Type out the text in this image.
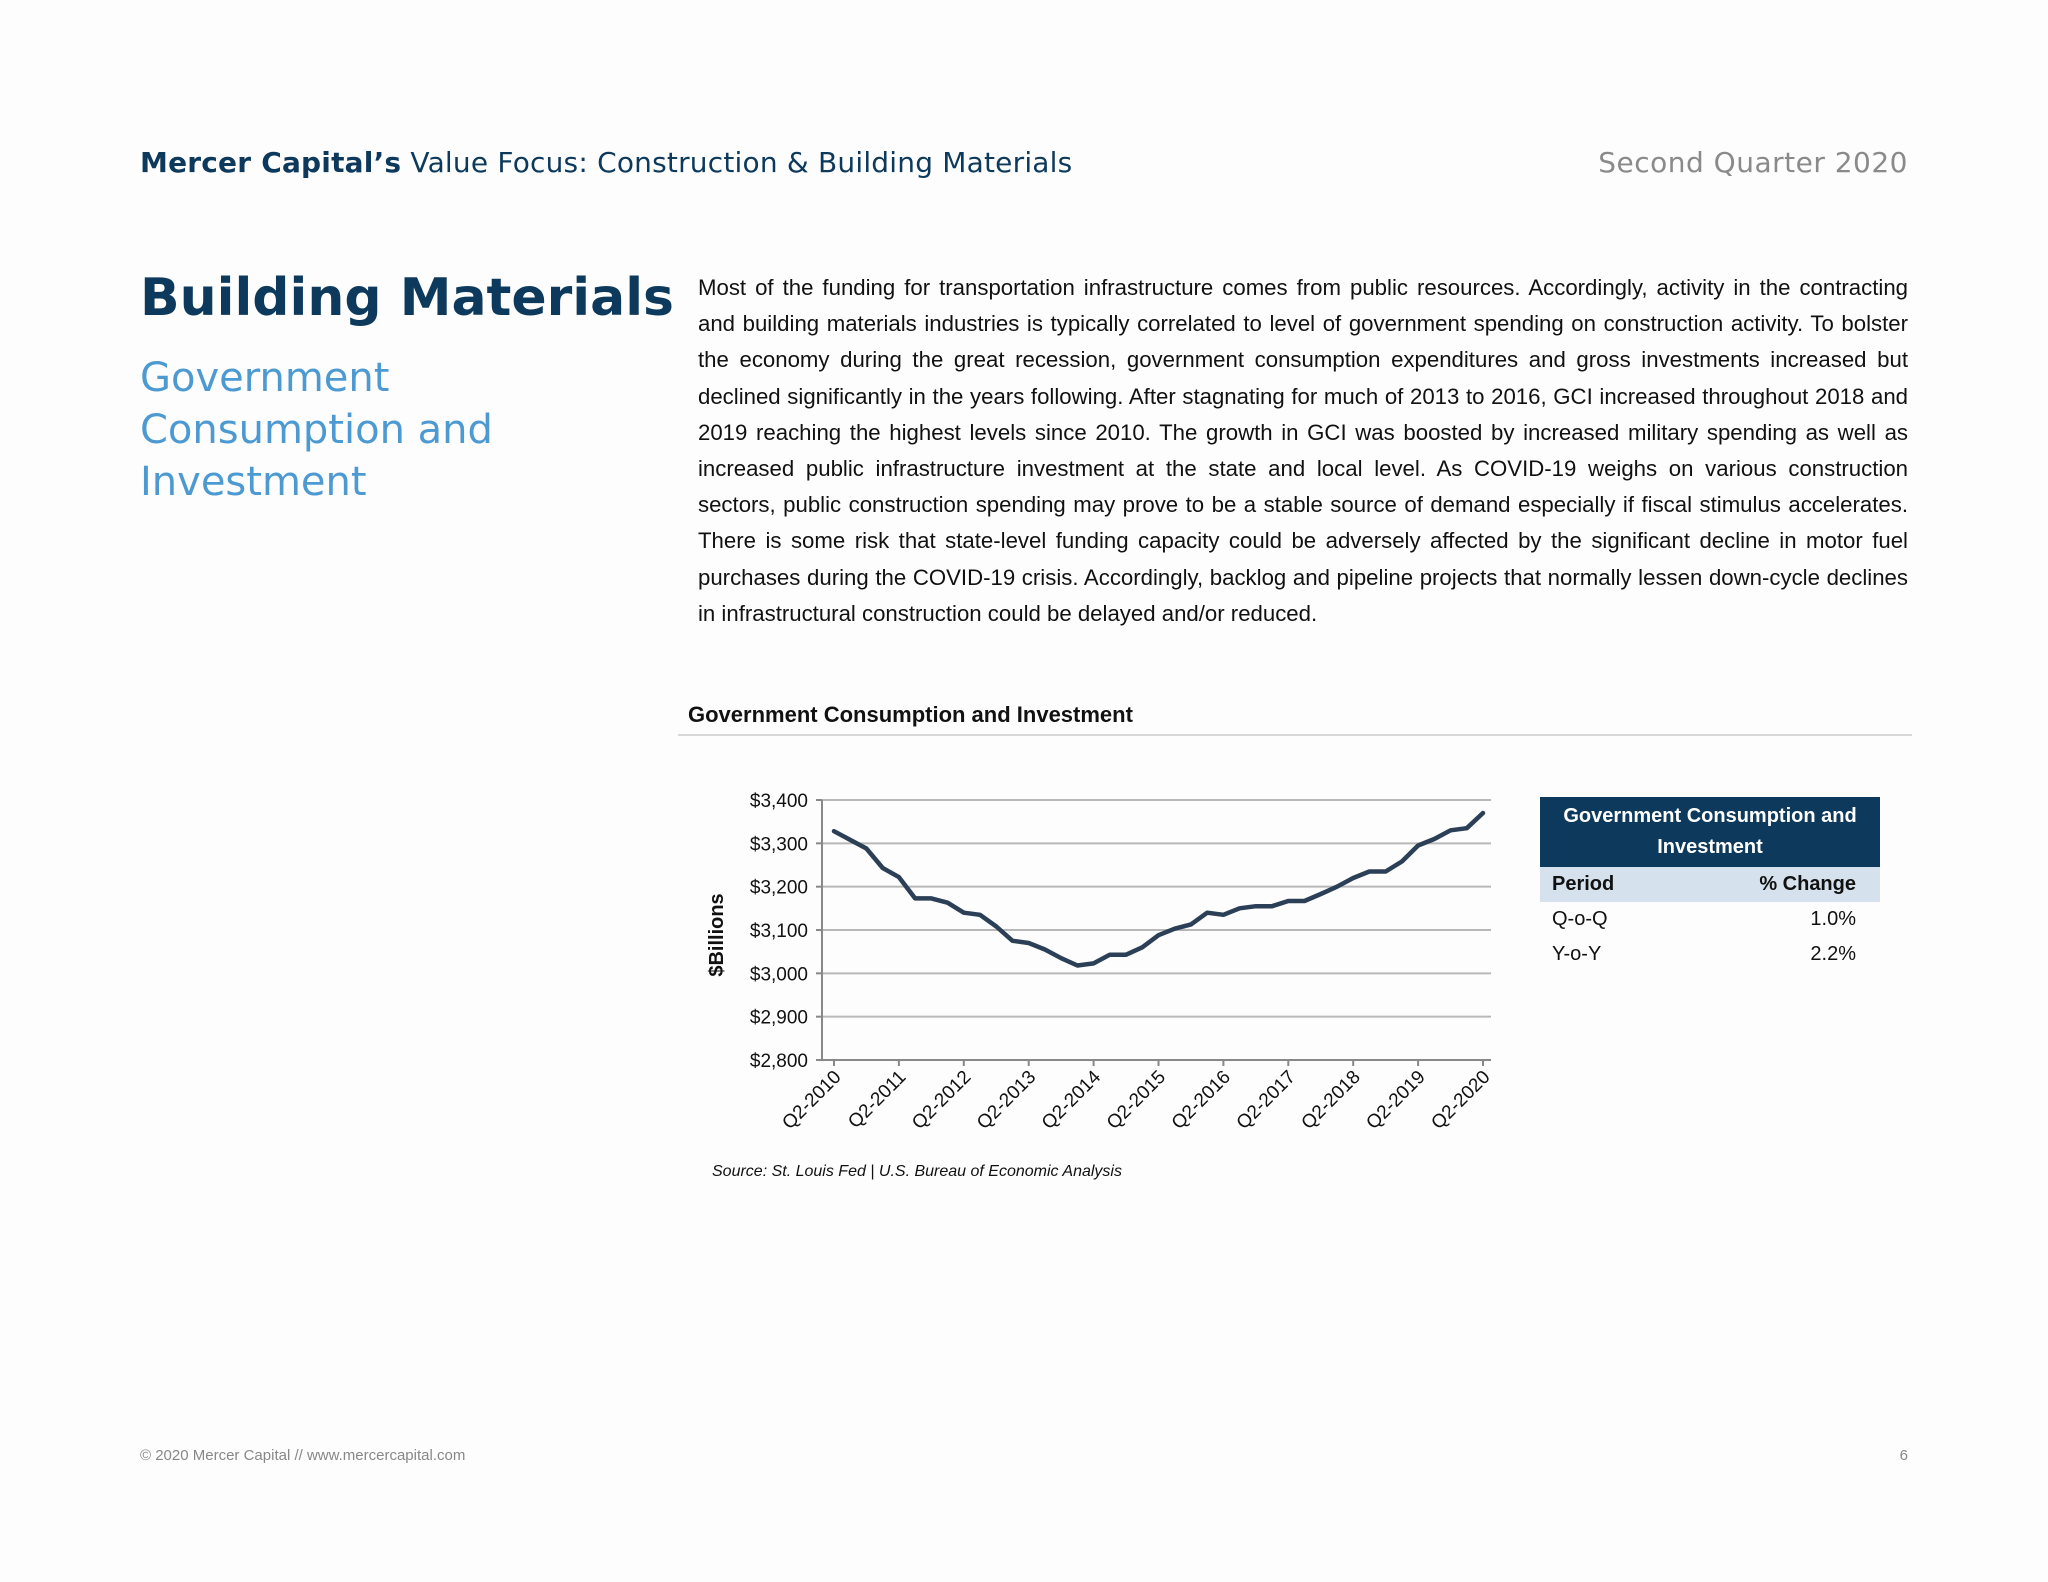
Mercer Capital’s Value Focus: Construction & Building Materials	Second Quarter 2020
Building Materials
Government Consumption and Investment
Most of the funding for transportation infrastructure comes from public resources. Accordingly, activity in the contracting and building materials industries is typically correlated to level of government spending on construction activity. To bolster the economy during the great recession, government consumption expenditures and gross investments increased but declined significantly in the years following. After stagnating for much of 2013 to 2016, GCI increased throughout 2018 and 2019 reaching the highest levels since 2010. The growth in GCI was boosted by increased military spending as well as increased public infrastructure investment at the state and local level. As COVID-19 weighs on various construction sectors, public construction spending may prove to be a stable source of demand especially if fiscal stimulus accelerates. There is some risk that state-level funding capacity could be adversely affected by the significant decline in motor fuel purchases during the COVID-19 crisis. Accordingly, backlog and pipeline projects that normally lessen down-cycle declines in infrastructural construction could be delayed and/or reduced.
Government Consumption and Investment
$2,800
$2,900
$3,000
$3,100
$3,200
$3,300
$3,400
$Billions
Q2-2010
Q2-2011
Q2-2012
Q2-2013
Q2-2014
Q2-2015
Q2-2016
Q2-2017
Q2-2018
Q2-2019
Q2-2020
Source: St. Louis Fed | U.S. Bureau of Economic Analysis
Government Consumption and Investment	
Period	% Change
Q-o-Q	1.0%
Y-o-Y	2.2%
© 2020 Mercer Capital // www.mercercapital.com	6
